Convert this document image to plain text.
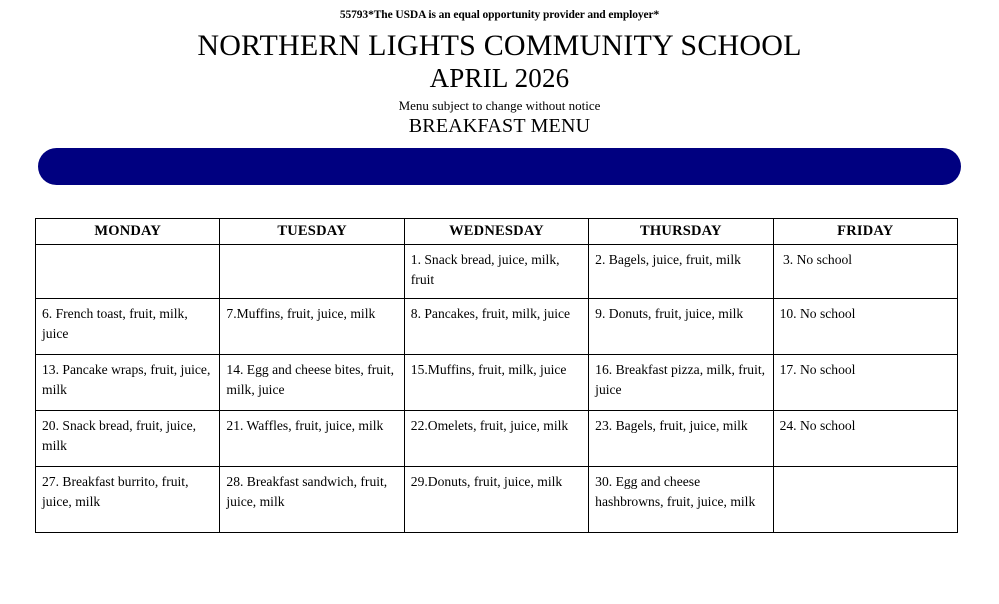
55793*The USDA is an equal opportunity provider and employer*
NORTHERN LIGHTS COMMUNITY SCHOOL
APRIL 2026
Menu subject to change without notice
BREAKFAST MENU
MONDAY	TUESDAY	WEDNESDAY	THURSDAY	FRIDAY

		1. Snack bread, juice, milk, fruit	2. Bagels, juice, fruit, milk	3. No school

6. French toast, fruit, milk, juice	7.Muffins, fruit, juice, milk	8. Pancakes, fruit, milk, juice	9. Donuts, fruit, juice, milk	10. No school

13. Pancake wraps, fruit, juice, milk	14. Egg and cheese bites, fruit, milk, juice	15.Muffins, fruit, milk, juice	16. Breakfast pizza, milk, fruit, juice	17. No school

20. Snack bread, fruit, juice, milk	21. Waffles, fruit, juice, milk	22.Omelets, fruit, juice, milk	23. Bagels, fruit, juice, milk	24. No school

27. Breakfast burrito, fruit, juice, milk	28. Breakfast sandwich, fruit, juice, milk	29.Donuts, fruit, juice, milk	30. Egg and cheese hashbrowns, fruit, juice, milk	
